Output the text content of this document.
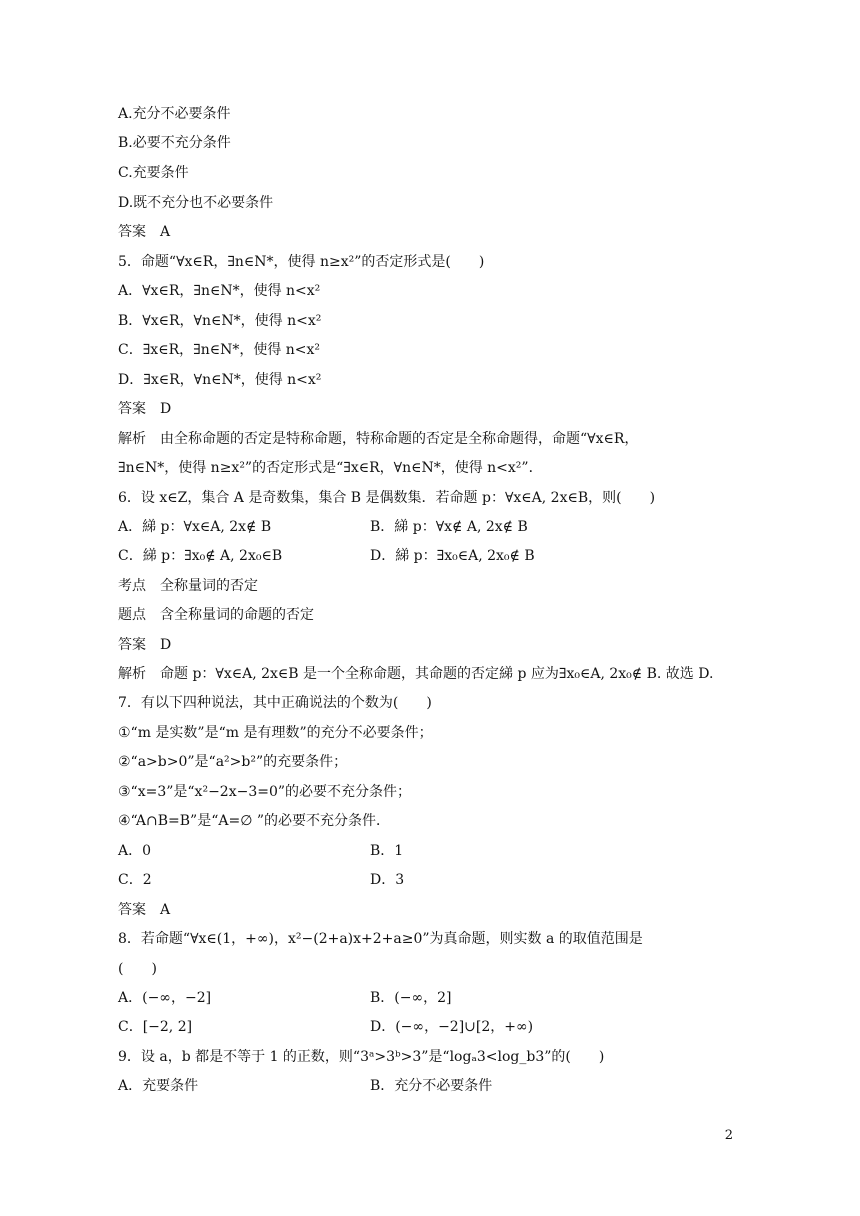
A.充分不必要条件
B.必要不充分条件
C.充要条件
D.既不充分也不必要条件
答案　A
5．命题“∀x∈R，∃n∈N*，使得 n≥x²”的否定形式是(　　)
A．∀x∈R，∃n∈N*，使得 n<x²
B．∀x∈R，∀n∈N*，使得 n<x²
C．∃x∈R，∃n∈N*，使得 n<x²
D．∃x∈R，∀n∈N*，使得 n<x²
答案　D
解析　由全称命题的否定是特称命题，特称命题的否定是全称命题得，命题“∀x∈R，
∃n∈N*，使得 n≥x²”的否定形式是“∃x∈R，∀n∈N*，使得 n<x²”．
6．设 x∈Z，集合 A 是奇数集，集合 B 是偶数集．若命题 p：∀x∈A, 2x∈B，则(　　)
A．綈 p：∀x∈A, 2x∉ B	B．綈 p：∀x∉ A, 2x∉ B
C．綈 p：∃x₀∉ A, 2x₀∈B	D．綈 p：∃x₀∈A, 2x₀∉ B
考点　全称量词的否定
题点　含全称量词的命题的否定
答案　D
解析　命题 p：∀x∈A, 2x∈B 是一个全称命题，其命题的否定綈 p 应为∃x₀∈A, 2x₀∉ B. 故选 D.
7．有以下四种说法，其中正确说法的个数为(　　)
①“m 是实数”是“m 是有理数”的充分不必要条件；
②“a>b>0”是“a²>b²”的充要条件；
③“x=3”是“x²−2x−3=0”的必要不充分条件；
④“A∩B=B”是“A=∅ ”的必要不充分条件．
A．0	B．1
C．2	D．3
答案　A
8．若命题“∀x∈(1，+∞)，x²−(2+a)x+2+a≥0”为真命题，则实数 a 的取值范围是
(　　)
A．(−∞，−2]	B．(−∞，2]
C．[−2, 2]	D．(−∞，−2]∪[2，+∞)
9．设 a，b 都是不等于 1 的正数，则“3ᵃ>3ᵇ>3”是“logₐ3<log_b3”的(　　)
A．充要条件	B．充分不必要条件
2
